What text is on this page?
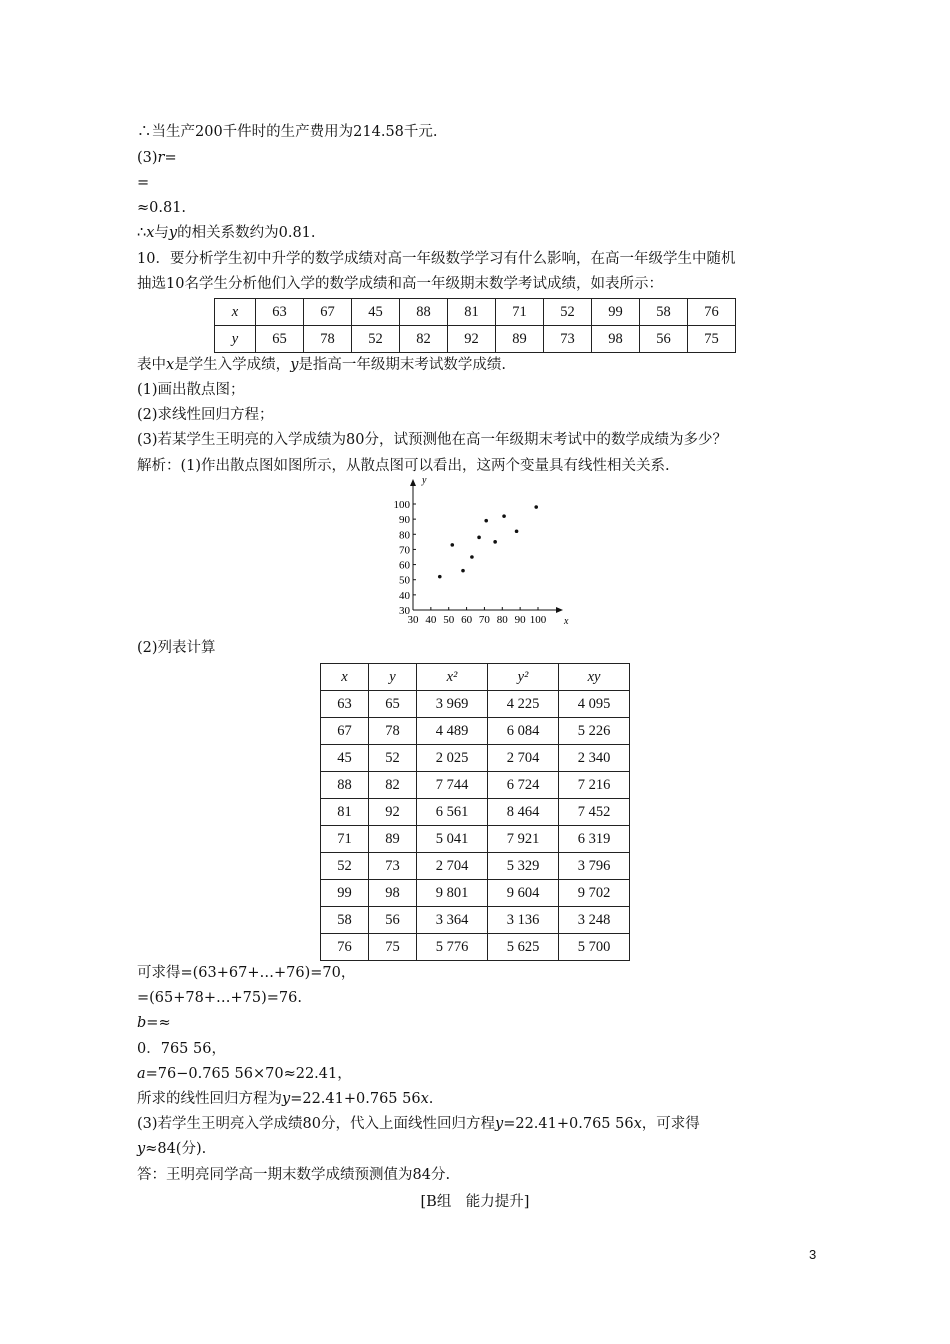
∴当生产200千件时的生产费用为214.58千元.
(3)r=
=
≈0.81.
∴x与y的相关系数约为0.81.
10．要分析学生初中升学的数学成绩对高一年级数学学习有什么影响，在高一年级学生中随机
抽选10名学生分析他们入学的数学成绩和高一年级期末数学考试成绩，如表所示：
x	63	67	45	88	81	71	52	99	58	76
y	65	78	52	82	92	89	73	98	56	75
表中x是学生入学成绩，y是指高一年级期末考试数学成绩.
(1)画出散点图；
(2)求线性回归方程；
(3)若某学生王明亮的入学成绩为80分，试预测他在高一年级期末考试中的数学成绩为多少？
解析：(1)作出散点图如图所示，从散点图可以看出，这两个变量具有线性相关关系.
x
y
30 40 50 60 70 80 90 100
30
40
50
60
70
80
90
100
(2)列表计算
x	y	x²	y²	xy
63	65	3 969	4 225	4 095
67	78	4 489	6 084	5 226
45	52	2 025	2 704	2 340
88	82	7 744	6 724	7 216
81	92	6 561	8 464	7 452
71	89	5 041	7 921	6 319
52	73	2 704	5 329	3 796
99	98	9 801	9 604	9 702
58	56	3 364	3 136	3 248
76	75	5 776	5 625	5 700
可求得=(63+67+…+76)=70，
=(65+78+…+75)=76.
b=≈
0．765 56，
a=76−0.765 56×70≈22.41，
所求的线性回归方程为y=22.41+0.765 56x.
(3)若学生王明亮入学成绩80分，代入上面线性回归方程y=22.41+0.765 56x，可求得
y≈84(分).
答：王明亮同学高一期末数学成绩预测值为84分.
[B组　能力提升]
3
